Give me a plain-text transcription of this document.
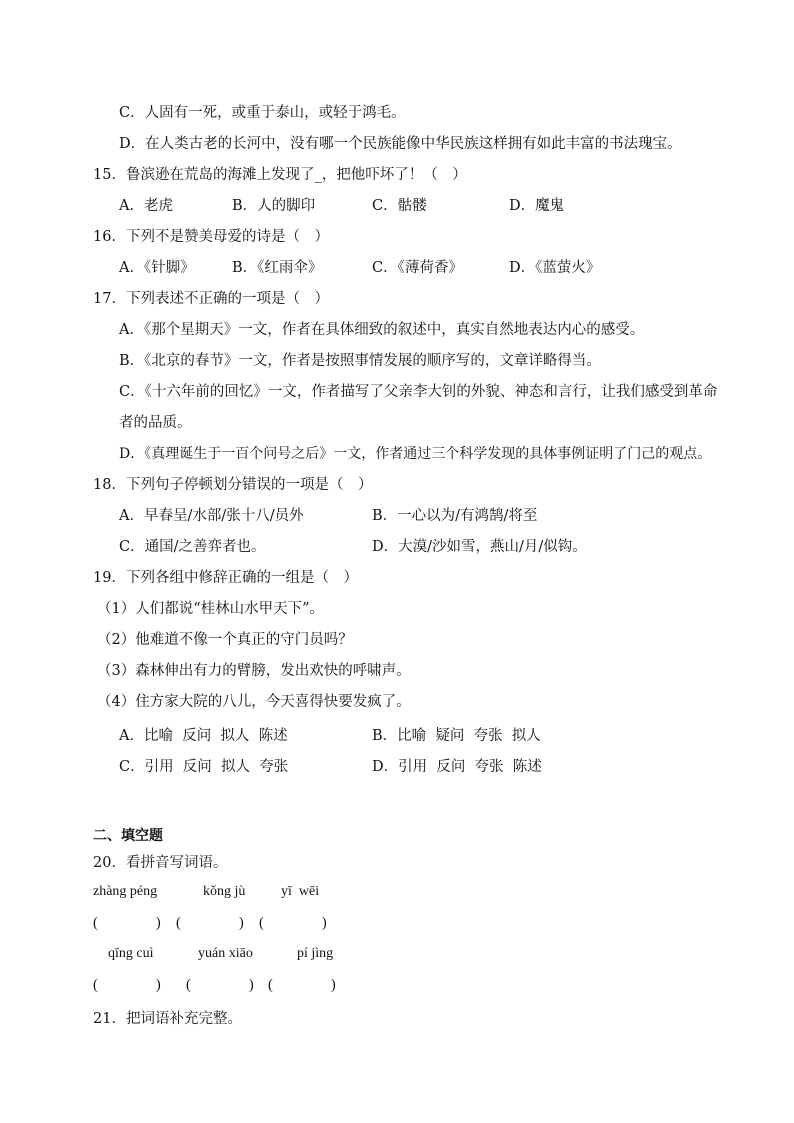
C．人固有一死，或重于泰山，或轻于鸿毛。
D．在人类古老的长河中，没有哪一个民族能像中华民族这样拥有如此丰富的书法瑰宝。
15．鲁滨逊在荒岛的海滩上发现了_，把他吓坏了！（　）
A．老虎	B．人的脚印	C．骷髅	D．魔鬼
16．下列不是赞美母爱的诗是（　）
A．《针脚》	B．《红雨伞》	C．《薄荷香》	D．《蓝萤火》
17．下列表述不正确的一项是（　）
A．《那个星期天》一文，作者在具体细致的叙述中，真实自然地表达内心的感受。
B．《北京的春节》一文，作者是按照事情发展的顺序写的，文章详略得当。
C．《十六年前的回忆》一文，作者描写了父亲李大钊的外貌、神态和言行，让我们感受到革命
者的品质。
D．《真理诞生于一百个问号之后》一文，作者通过三个科学发现的具体事例证明了门己的观点。
18．下列句子停顿划分错误的一项是（　）
A．早春呈/水部/张十八/员外	B．一心以为/有鸿鹄/将至
C．通国/之善弈者也。	D．大漠/沙如雪，燕山/月/似钩。
19．下列各组中修辞正确的一组是（　）
（1）人们都说“桂林山水甲天下”。
（2）他难道不像一个真正的守门员吗？
（3）森林伸出有力的臂膀，发出欢快的呼啸声。
（4）住方家大院的八儿，今天喜得快要发疯了。
A．比喻  反问  拟人  陈述	B．比喻  疑问  夸张  拟人
C．引用  反问  拟人  夸张	D．引用  反问  夸张  陈述
二、填空题
20．看拼音写词语。
zhàng péng	kǒng jù	yī  wēi
(　　　　) (　　　　) (　　　　)
qīng cuì	yuán xiāo	pí jìng
(　　　　) (　　　　) (　　　　)
21．把词语补充完整。
